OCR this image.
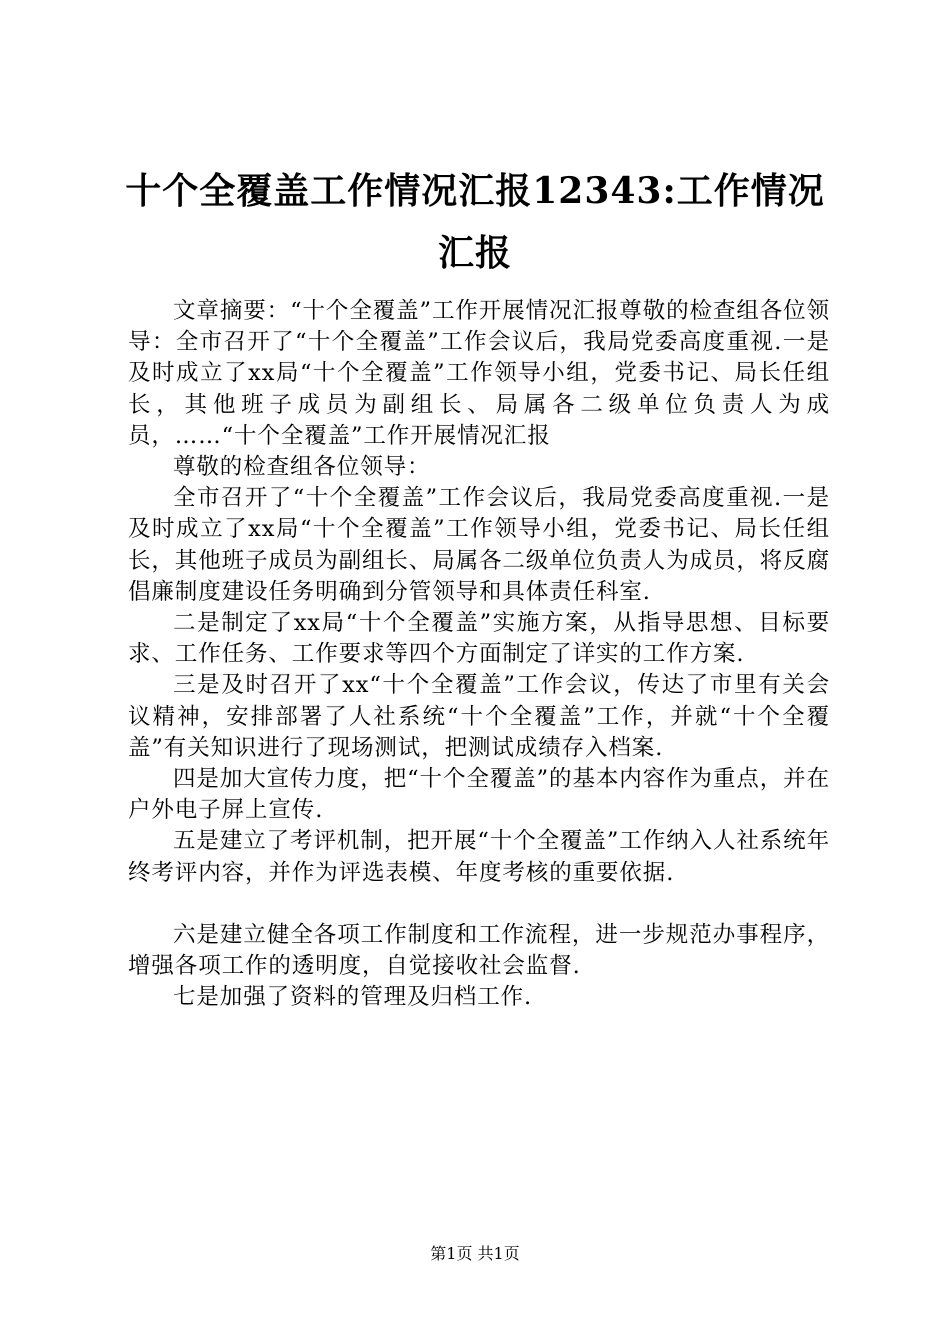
十个全覆盖工作情况汇报12343:工作情况汇报

文章摘要：“十个全覆盖”工作开展情况汇报尊敬的检查组各位领导：全市召开了“十个全覆盖”工作会议后，我局党委高度重视.一是及时成立了xx局“十个全覆盖”工作领导小组，党委书记、局长任组长，其他班子成员为副组长、局属各二级单位负责人为成员，……“十个全覆盖”工作开展情况汇报

尊敬的检查组各位领导：

全市召开了“十个全覆盖”工作会议后，我局党委高度重视.一是及时成立了xx局“十个全覆盖”工作领导小组，党委书记、局长任组长，其他班子成员为副组长、局属各二级单位负责人为成员，将反腐倡廉制度建设任务明确到分管领导和具体责任科室.

二是制定了xx局“十个全覆盖”实施方案，从指导思想、目标要求、工作任务、工作要求等四个方面制定了详实的工作方案.

三是及时召开了xx“十个全覆盖”工作会议，传达了市里有关会议精神，安排部署了人社系统“十个全覆盖”工作，并就“十个全覆盖”有关知识进行了现场测试，把测试成绩存入档案.

四是加大宣传力度，把“十个全覆盖”的基本内容作为重点，并在户外电子屏上宣传.

五是建立了考评机制，把开展“十个全覆盖”工作纳入人社系统年终考评内容，并作为评选表模、年度考核的重要依据.

六是建立健全各项工作制度和工作流程，进一步规范办事程序，增强各项工作的透明度，自觉接收社会监督.

七是加强了资料的管理及归档工作.

第1页 共1页
